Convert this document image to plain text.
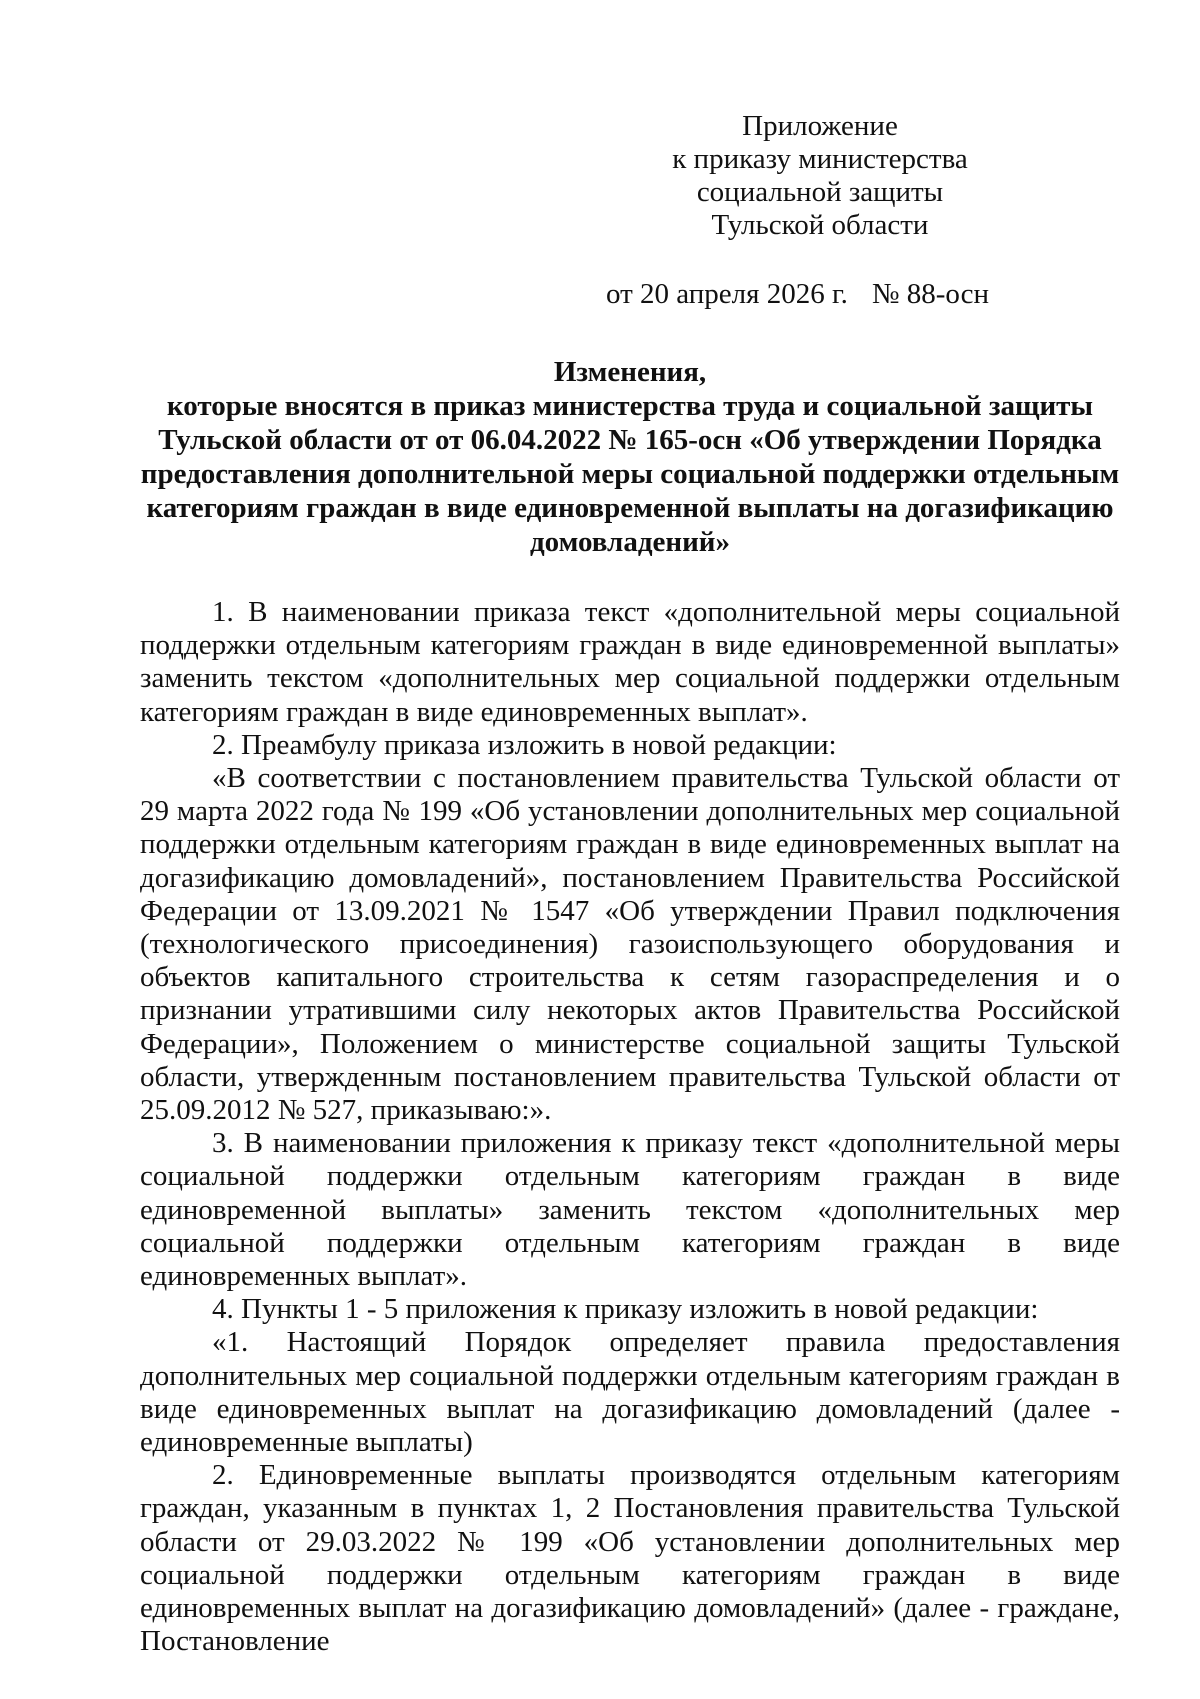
Приложение
к приказу министерства
социальной защиты
Тульской области
от 20 апреля 2026 г. № 88-осн
Изменения,
которые вносятся в приказ министерства труда и социальной защиты
Тульской области от от 06.04.2022 № 165-осн «Об утверждении Порядка
предоставления дополнительной меры социальной поддержки отдельным
категориям граждан в виде единовременной выплаты на догазификацию
домовладений»

1. В наименовании приказа текст «дополнительной меры социальной поддержки отдельным категориям граждан в виде единовременной выплаты» заменить текстом «дополнительных мер социальной поддержки отдельным категориям граждан в виде единовременных выплат».

2. Преамбулу приказа изложить в новой редакции:

«В соответствии с постановлением правительства Тульской области от 29 марта 2022 года № 199 «Об установлении дополнительных мер социальной поддержки отдельным категориям граждан в виде единовременных выплат на догазификацию домовладений», постановлением Правительства Российской Федерации от 13.09.2021 № 1547 «Об утверждении Правил подключения (технологического присоединения) газоиспользующего оборудования и объектов капитального строительства к сетям газораспределения и о признании утратившими силу некоторых актов Правительства Российской Федерации», Положением о министерстве социальной защиты Тульской области, утвержденным постановлением правительства Тульской области от 25.09.2012 № 527, приказываю:».

3. В наименовании приложения к приказу текст «дополнительной меры социальной поддержки отдельным категориям граждан в виде единовременной выплаты» заменить текстом «дополнительных мер социальной поддержки отдельным категориям граждан в виде единовременных выплат».

4. Пункты 1 - 5 приложения к приказу изложить в новой редакции:

«1. Настоящий Порядок определяет правила предоставления дополнительных мер социальной поддержки отдельным категориям граждан в виде единовременных выплат на догазификацию домовладений (далее - единовременные выплаты)

2. Единовременные выплаты производятся отдельным категориям граждан, указанным в пунктах 1, 2 Постановления правительства Тульской области от 29.03.2022 № 199 «Об установлении дополнительных мер социальной поддержки отдельным категориям граждан в виде единовременных выплат на догазификацию домовладений» (далее - граждане, Постановление
